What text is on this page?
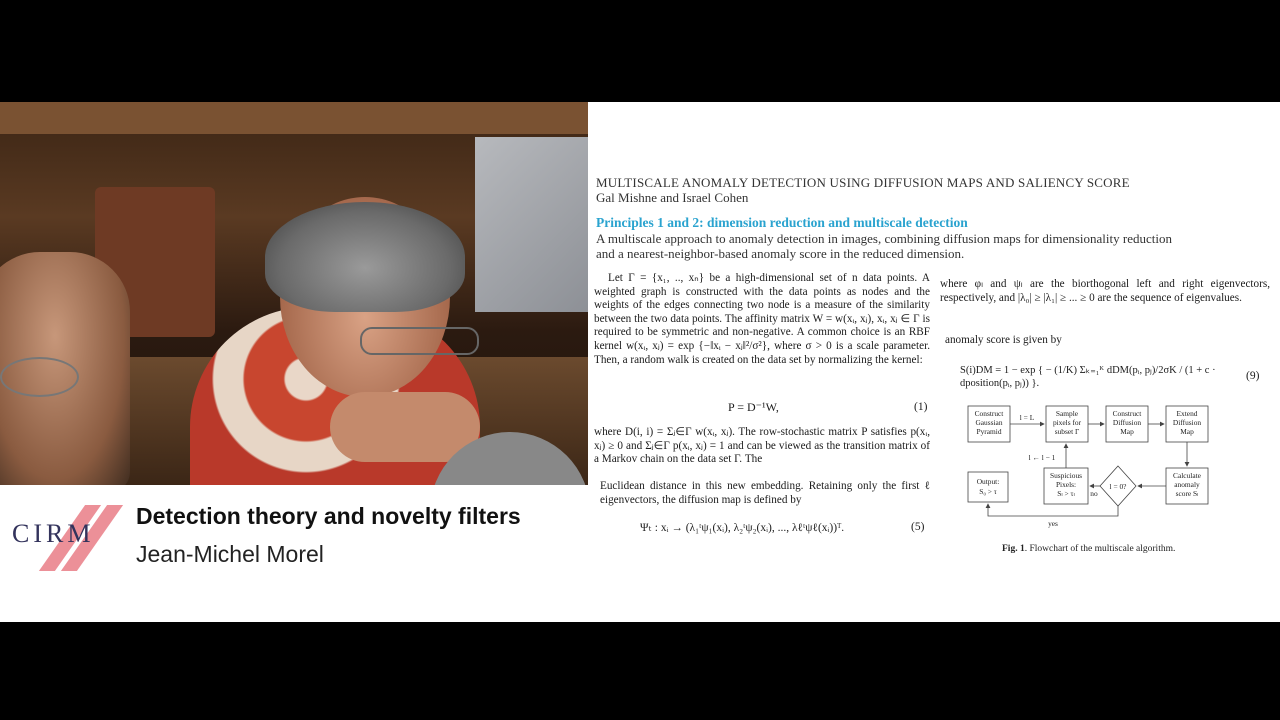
CIRM
Detection theory and novelty filters
Jean-Michel Morel
MULTISCALE ANOMALY DETECTION USING DIFFUSION MAPS AND SALIENCY SCORE
Gal Mishne and Israel Cohen
Principles 1 and 2: dimension reduction and multiscale detection
A multiscale approach to anomaly detection in images, combining diffusion maps for dimensionality reduction
and a nearest-neighbor-based anomaly score in the reduced dimension.

Let Γ = {x₁, .., xₙ} be a high-dimensional set of n data points. A weighted graph is constructed with the data points as nodes and the weights of the edges connecting two node is a measure of the similarity between the two data points. The affinity matrix W = w(xᵢ, xⱼ), xᵢ, xⱼ ∈ Γ is required to be symmetric and non-negative. A common choice is an RBF kernel w(xᵢ, xⱼ) = exp {−‖xᵢ − xⱼ‖²/σ²}, where σ > 0 is a scale parameter. Then, a random walk is created on the data set by normalizing the kernel:

P = D⁻¹W,	(1)

where D(i, i) = Σⱼ∈Γ w(xᵢ, xⱼ). The row-stochastic matrix P satisfies p(xᵢ, xⱼ) ≥ 0 and Σⱼ∈Γ p(xᵢ, xⱼ) = 1 and can be viewed as the transition matrix of a Markov chain on the data set Γ. The

Euclidean distance in this new embedding. Retaining only the first ℓ eigenvectors, the diffusion map is defined by

Ψₜ : xᵢ → (λ₁ᵗψ₁(xᵢ), λ₂ᵗψ₂(xᵢ), ..., λℓᵗψℓ(xᵢ))ᵀ.	(5)

where φₗ and ψₗ are the biorthogonal left and right eigenvectors, respectively, and |λ₀| ≥ |λ₁| ≥ ... ≥ 0 are the sequence of eigenvalues.

anomaly score is given by

S(i)DM = 1 − exp { − (1/K) Σₖ₌₁ᴷ dDM(pᵢ, pⱼ)/2σK / (1 + c · dposition(pᵢ, pⱼ)) }.
(9)
Construct
Gaussian
Pyramid
Sample
pixels for
subset Γ
Construct
Diffusion
Map
Extend
Diffusion
Map
Output:
S₀ > τ
Suspicious
Pixels:
Sₗ > τₗ
l = 0?
Calculate
anomaly
score Sₗ
l = L
no
l ← l − 1
yes
Fig. 1. Flowchart of the multiscale algorithm.
